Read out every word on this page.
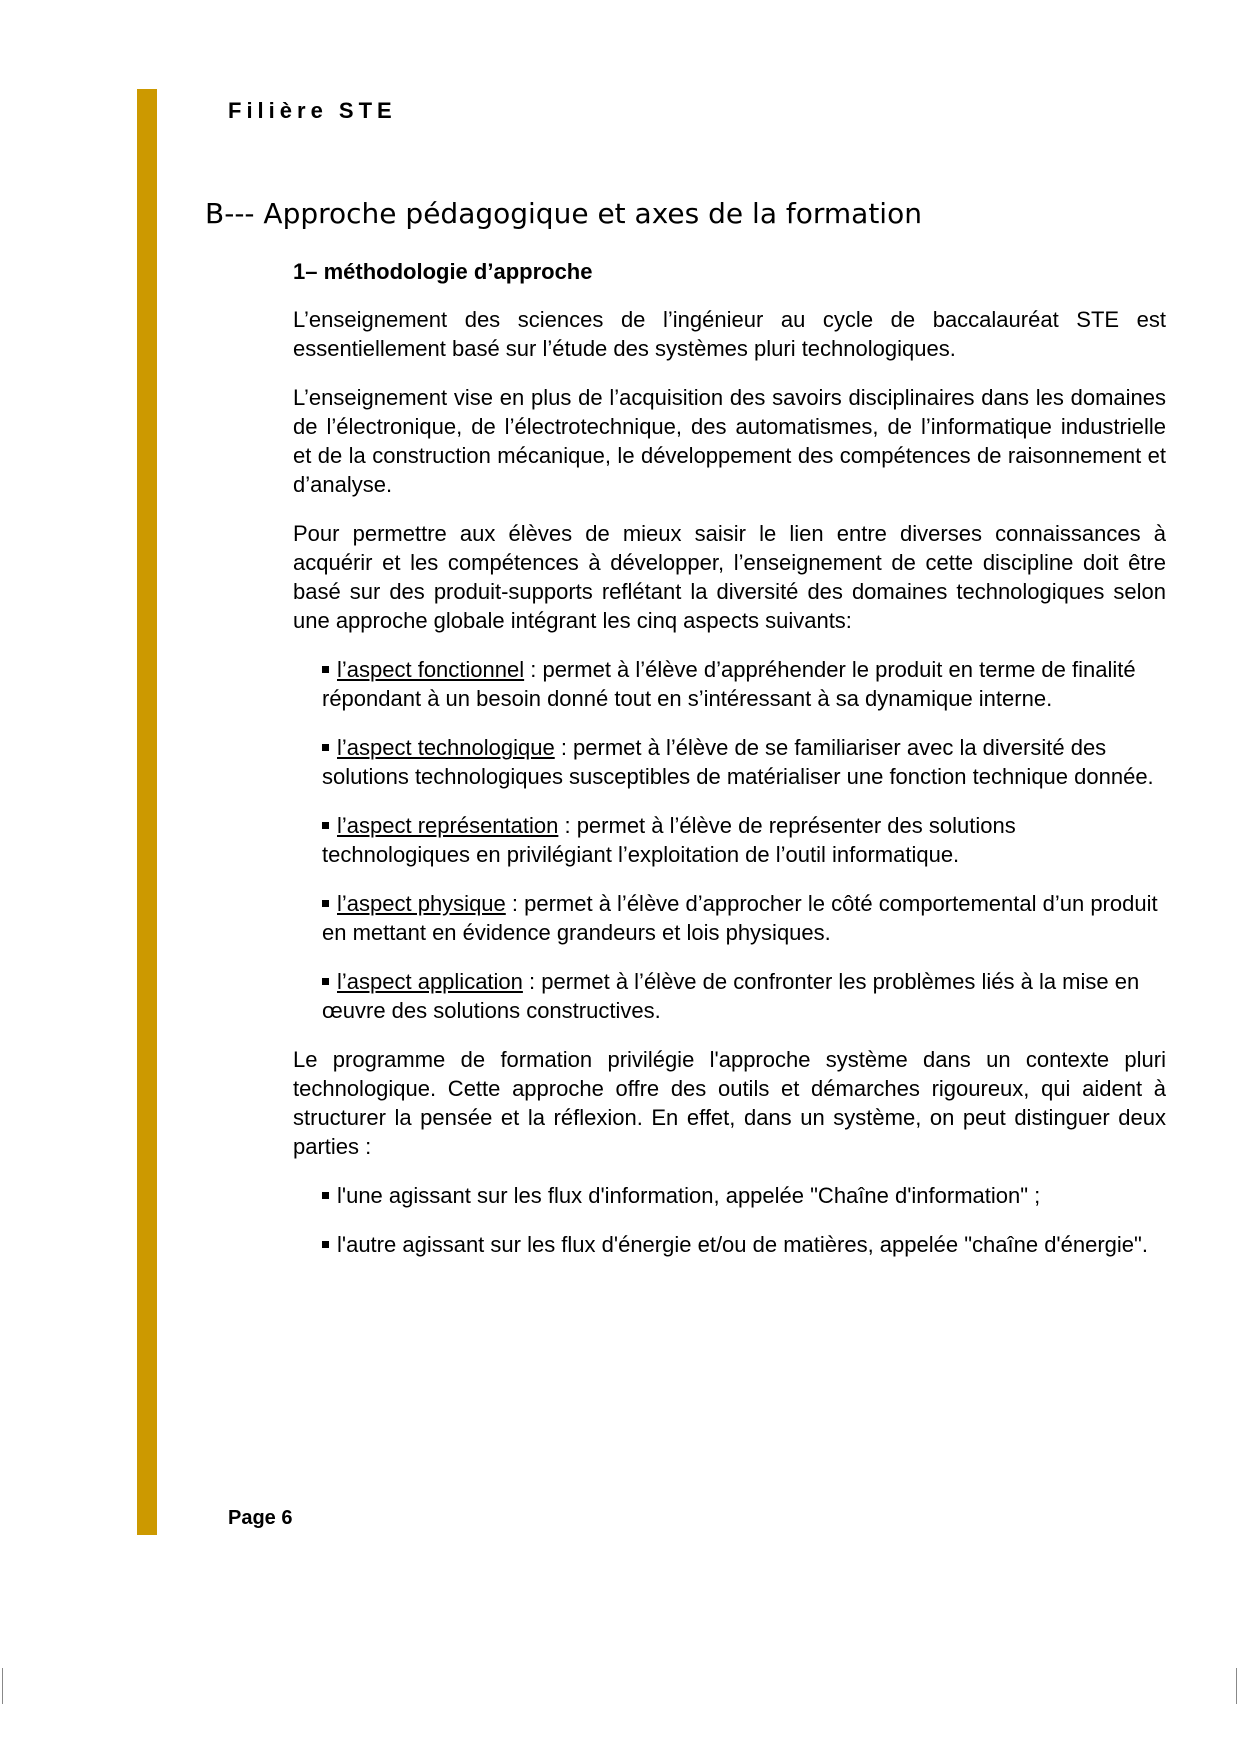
Filière STE
B--- Approche pédagogique et axes de la formation
1– méthodologie d’approche

L’enseignement des sciences de l’ingénieur au cycle de baccalauréat STE est essentiellement basé sur l’étude des systèmes pluri technologiques.

L’enseignement vise en plus de l’acquisition des savoirs disciplinaires dans les domaines de l’électronique, de l’électrotechnique, des automatismes, de l’informatique industrielle et de la construction mécanique, le développement des compétences de raisonnement et d’analyse.

Pour permettre aux élèves de mieux saisir le lien entre diverses connaissances à acquérir et les compétences à développer, l’enseignement de cette discipline doit être basé sur des produit-supports reflétant la diversité des domaines technologiques selon une approche globale intégrant les cinq aspects suivants:

l’aspect fonctionnel : permet à l’élève d’appréhender le produit en terme de finalité répondant à un besoin donné tout en s’intéressant à sa dynamique interne.
l’aspect technologique : permet à l’élève de se familiariser avec la diversité des solutions technologiques susceptibles de matérialiser une fonction technique donnée.
l’aspect représentation : permet à l’élève de représenter des solutions technologiques en privilégiant l’exploitation de l’outil informatique.
l’aspect physique : permet à l’élève d’approcher le côté comportemental d’un produit en mettant en évidence grandeurs et lois physiques.
l’aspect application : permet à l’élève de confronter les problèmes liés à la mise en œuvre des solutions constructives.

Le programme de formation privilégie l'approche système dans un contexte pluri technologique. Cette approche offre des outils et démarches rigoureux, qui aident à structurer la pensée et la réflexion. En effet, dans un système, on peut distinguer deux parties :

l'une agissant sur les flux d'information, appelée "Chaîne d'information" ;
l'autre agissant sur les flux d'énergie et/ou de matières, appelée "chaîne d'énergie".
Page 6
